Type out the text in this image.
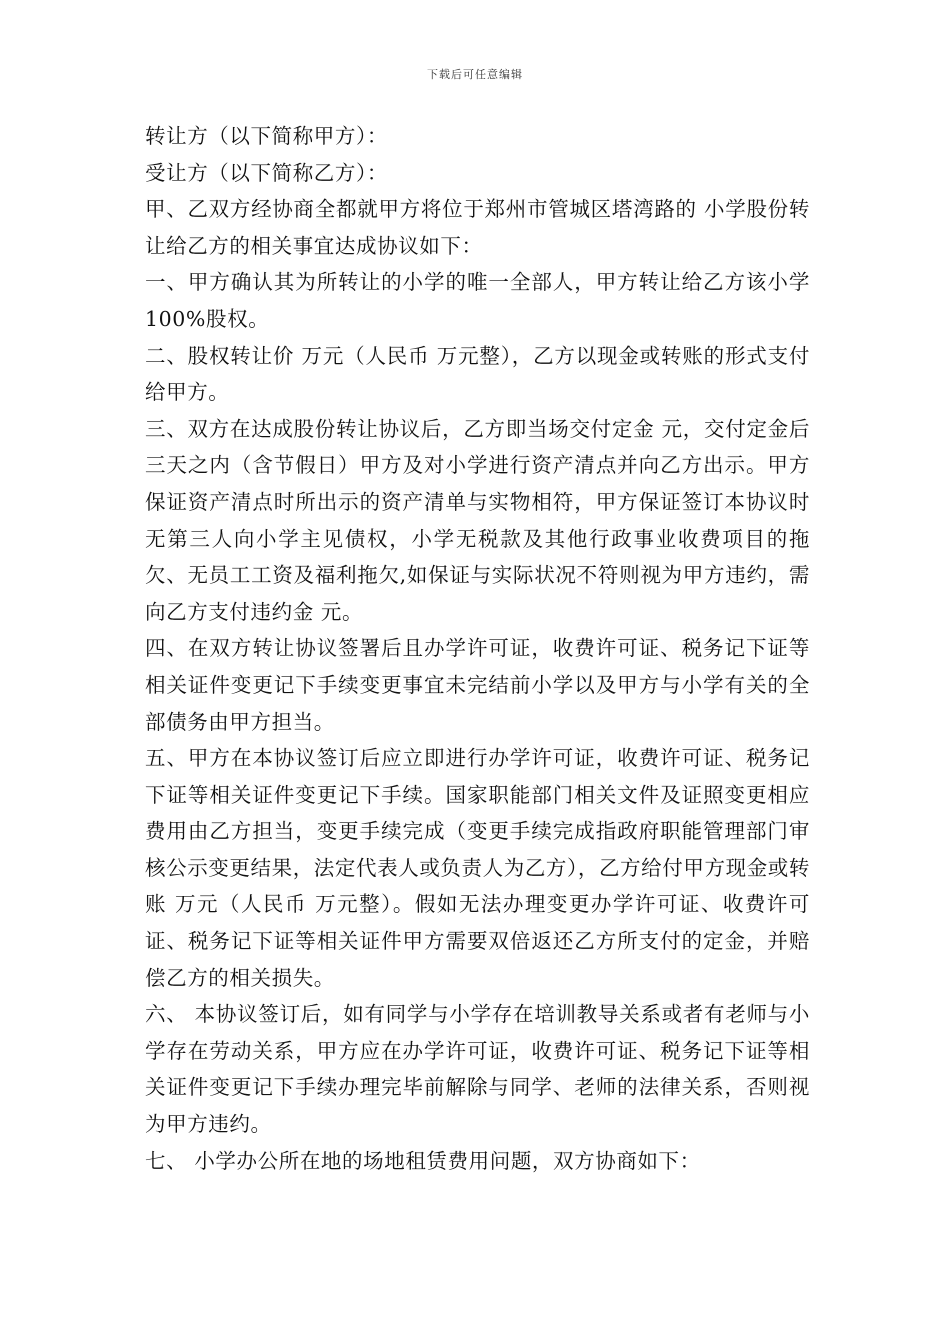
下载后可任意编辑

转让方（以下简称甲方）：

受让方（以下简称乙方）：

甲、乙双方经协商全都就甲方将位于郑州市管城区塔湾路的 小学股份转让给乙方的相关事宜达成协议如下：

一、甲方确认其为所转让的小学的唯一全部人，甲方转让给乙方该小学 100%股权。

二、股权转让价 万元（人民币 万元整），乙方以现金或转账的形式支付给甲方。

三、双方在达成股份转让协议后，乙方即当场交付定金 元，交付定金后三天之内（含节假日）甲方及对小学进行资产清点并向乙方出示。甲方保证资产清点时所出示的资产清单与实物相符，甲方保证签订本协议时无第三人向小学主见债权，小学无税款及其他行政事业收费项目的拖欠、无员工工资及福利拖欠,如保证与实际状况不符则视为甲方违约，需向乙方支付违约金 元。

四、在双方转让协议签署后且办学许可证，收费许可证、税务记下证等相关证件变更记下手续变更事宜未完结前小学以及甲方与小学有关的全部债务由甲方担当。

五、甲方在本协议签订后应立即进行办学许可证，收费许可证、税务记下证等相关证件变更记下手续。国家职能部门相关文件及证照变更相应费用由乙方担当，变更手续完成（变更手续完成指政府职能管理部门审核公示变更结果，法定代表人或负责人为乙方），乙方给付甲方现金或转账 万元（人民币 万元整）。假如无法办理变更办学许可证、收费许可证、税务记下证等相关证件甲方需要双倍返还乙方所支付的定金，并赔偿乙方的相关损失。

六、 本协议签订后，如有同学与小学存在培训教导关系或者有老师与小学存在劳动关系，甲方应在办学许可证，收费许可证、税务记下证等相关证件变更记下手续办理完毕前解除与同学、老师的法律关系，否则视为甲方违约。

七、 小学办公所在地的场地租赁费用问题，双方协商如下：
